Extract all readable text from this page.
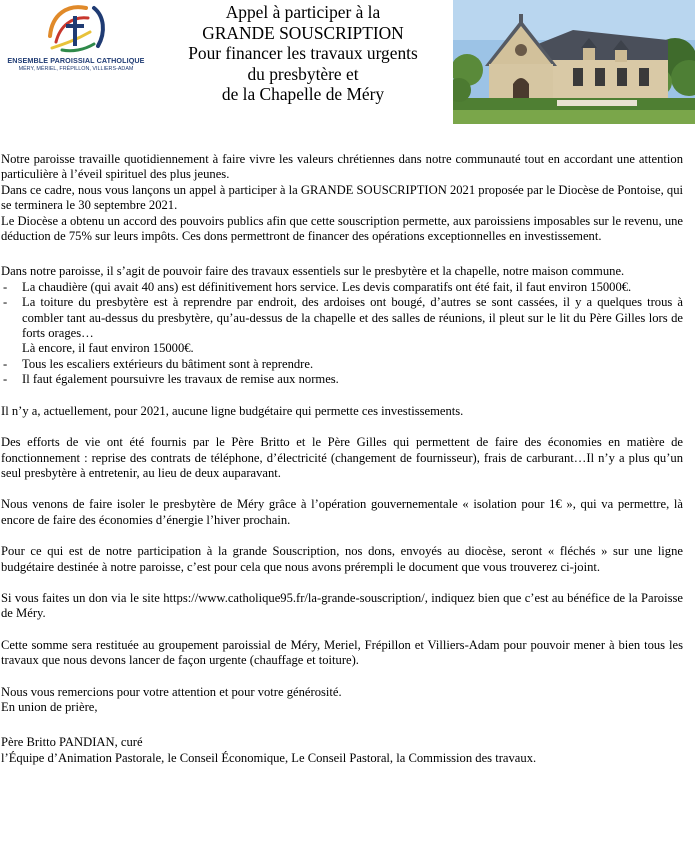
ENSEMBLE PAROISSIAL CATHOLIQUE
MÉRY, MÉRIEL, FRÉPILLON, VILLIERS-ADAM
Appel à participer à la
GRANDE SOUSCRIPTION
Pour financer les travaux urgents
du presbytère et
de la Chapelle de Méry

Notre paroisse travaille quotidiennement à faire vivre les valeurs chrétiennes dans notre communauté tout en accordant une attention particulière à l’éveil spirituel des plus jeunes.

Dans ce cadre, nous vous lançons un appel à participer à la GRANDE SOUSCRIPTION 2021 proposée par le Diocèse de Pontoise, qui se terminera le 30 septembre 2021.

Le Diocèse a obtenu un accord des pouvoirs publics afin que cette souscription permette, aux paroissiens imposables sur le revenu, une déduction de 75% sur leurs impôts. Ces dons permettront de financer des opérations exceptionnelles en investissement.

Dans notre paroisse, il s’agit de pouvoir faire des travaux essentiels sur le presbytère et la chapelle, notre maison commune.

- La chaudière (qui avait 40 ans) est définitivement hors service. Les devis comparatifs ont été fait, il faut environ 15000€.
- La toiture du presbytère est à reprendre par endroit, des ardoises ont bougé, d’autres se sont cassées, il y a quelques trous à combler tant au-dessus du presbytère, qu’au-dessus de la chapelle et des salles de réunions, il pleut sur le lit du Père Gilles lors de forts orages…
Là encore, il faut environ 15000€.
- Tous les escaliers extérieurs du bâtiment sont à reprendre.
- Il faut également poursuivre les travaux de remise aux normes.

Il n’y a, actuellement, pour 2021, aucune ligne budgétaire qui permette ces investissements.

Des efforts de vie ont été fournis par le Père Britto et le Père Gilles qui permettent de faire des économies en matière de fonctionnement : reprise des contrats de téléphone, d’électricité (changement de fournisseur), frais de carburant…Il n’y a plus qu’un seul presbytère à entretenir, au lieu de deux auparavant.

Nous venons de faire isoler le presbytère de Méry grâce à l’opération gouvernementale « isolation pour 1€ », qui va permettre, là encore de faire des économies d’énergie l’hiver prochain.

Pour ce qui est de notre participation à la grande Souscription, nos dons, envoyés au diocèse, seront « fléchés » sur une ligne budgétaire destinée à notre paroisse, c’est pour cela que nous avons prérempli le document que vous trouverez ci-joint.

Si vous faites un don via le site https://www.catholique95.fr/la-grande-souscription/, indiquez bien que c’est au bénéfice de la Paroisse de Méry.

Cette somme sera restituée au groupement paroissial de Méry, Meriel, Frépillon et Villiers-Adam pour pouvoir mener à bien tous les travaux que nous devons lancer de façon urgente (chauffage et toiture).

Nous vous remercions pour votre attention et pour votre générosité.

En union de prière,

Père Britto PANDIAN, curé

l’Équipe d’Animation Pastorale, le Conseil Économique, Le Conseil Pastoral, la Commission des travaux.
